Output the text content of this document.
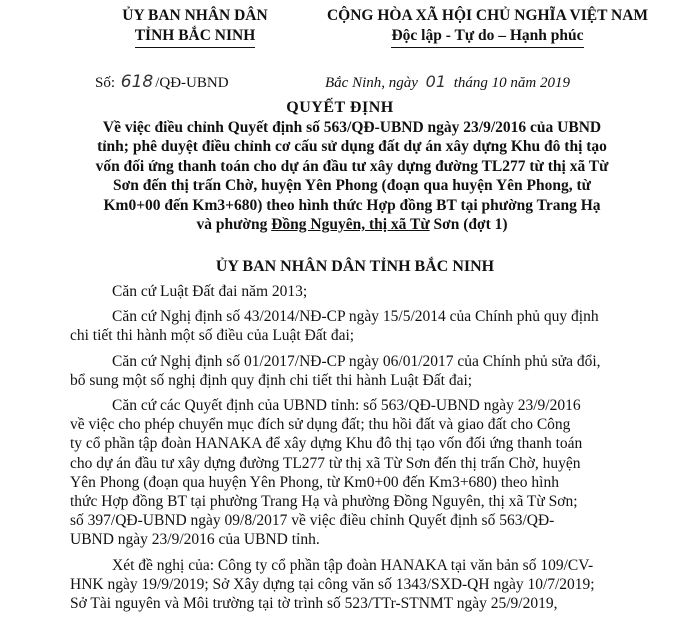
ỦY BAN NHÂN DÂN
TỈNH BẮC NINH
CỘNG HÒA XÃ HỘI CHỦ NGHĨA VIỆT NAM
Độc lập - Tự do – Hạnh phúc
Số: 618 /QĐ-UBND	Bắc Ninh, ngày 01 tháng 10 năm 2019
QUYẾT ĐỊNH
Về việc điều chỉnh Quyết định số 563/QĐ-UBND ngày 23/9/2016 của UBND
tỉnh; phê duyệt điều chỉnh cơ cấu sử dụng đất dự án xây dựng Khu đô thị tạo
vốn đối ứng thanh toán cho dự án đầu tư xây dựng đường TL277 từ thị xã Từ
Sơn đến thị trấn Chờ, huyện Yên Phong (đoạn qua huyện Yên Phong, từ
Km0+00 đến Km3+680) theo hình thức Hợp đồng BT tại phường Trang Hạ
và phường Đồng Nguyên, thị xã Từ Sơn (đợt 1)
ỦY BAN NHÂN DÂN TỈNH BẮC NINH
Căn cứ Luật Đất đai năm 2013;
Căn cứ Nghị định số 43/2014/NĐ-CP ngày 15/5/2014 của Chính phủ quy định
chi tiết thi hành một số điều của Luật Đất đai;
Căn cứ Nghị định số 01/2017/NĐ-CP ngày 06/01/2017 của Chính phủ sửa đổi,
bổ sung một số nghị định quy định chi tiết thi hành Luật Đất đai;
Căn cứ các Quyết định của UBND tỉnh: số 563/QĐ-UBND ngày 23/9/2016
về việc cho phép chuyển mục đích sử dụng đất; thu hồi đất và giao đất cho Công
ty cổ phần tập đoàn HANAKA để xây dựng Khu đô thị tạo vốn đối ứng thanh toán
cho dự án đầu tư xây dựng đường TL277 từ thị xã Từ Sơn đến thị trấn Chờ, huyện
Yên Phong (đoạn qua huyện Yên Phong, từ Km0+00 đến Km3+680) theo hình
thức Hợp đồng BT tại phường Trang Hạ và phường Đồng Nguyên, thị xã Từ Sơn;
số 397/QĐ-UBND ngày 09/8/2017 về việc điều chỉnh Quyết định số 563/QĐ-
UBND ngày 23/9/2016 của UBND tỉnh.
Xét đề nghị của: Công ty cổ phần tập đoàn HANAKA tại văn bản số 109/CV-
HNK ngày 19/9/2019; Sở Xây dựng tại công văn số 1343/SXD-QH ngày 10/7/2019;
Sở Tài nguyên và Môi trường tại tờ trình số 523/TTr-STNMT ngày 25/9/2019,
